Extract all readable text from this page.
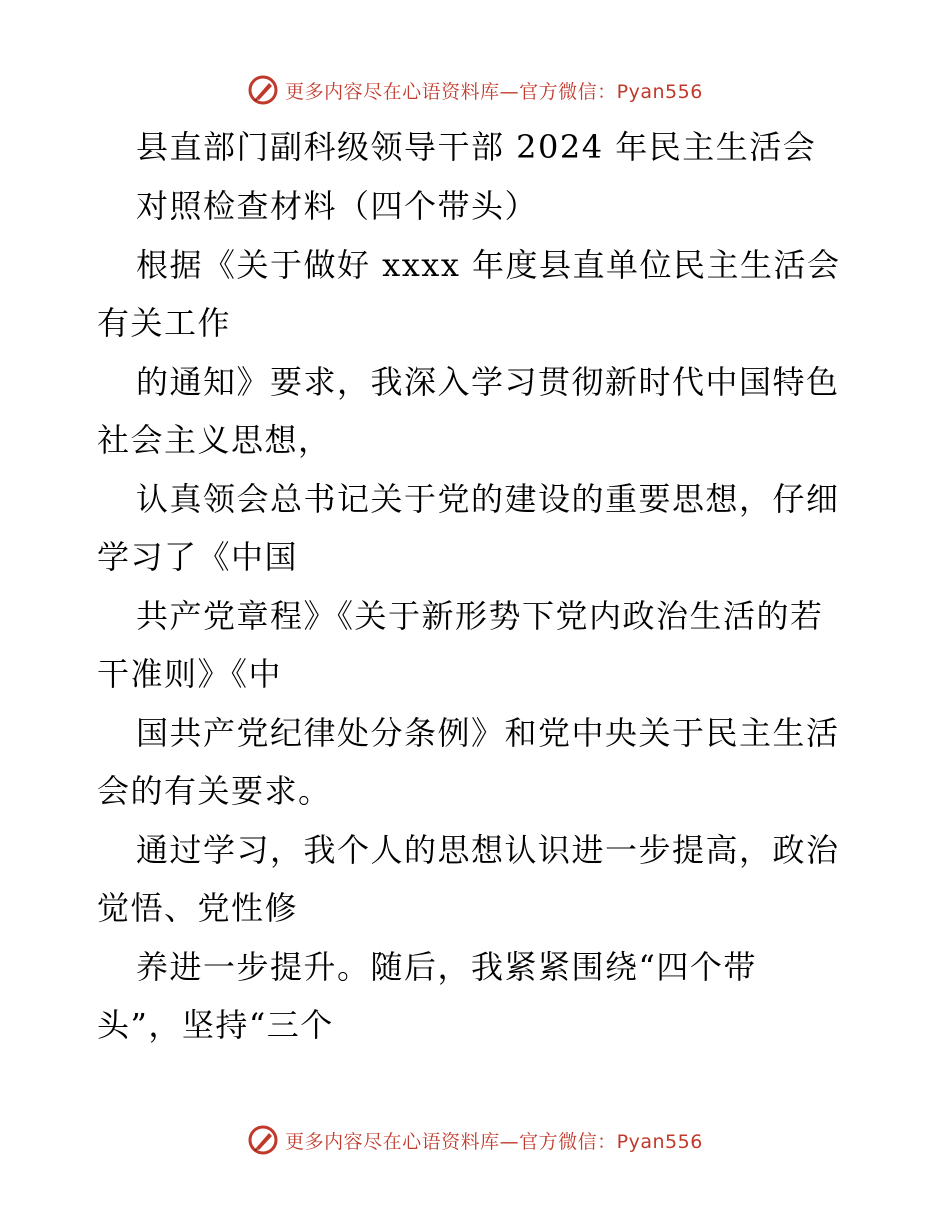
更多内容尽在心语资料库—官方微信：Pyan556
县直部门副科级领导干部 2024 年民主生活会
对照检查材料（四个带头）
根据《关于做好 xxxx 年度县直单位民主生活会
有关工作
的通知》要求，我深入学习贯彻新时代中国特色
社会主义思想，
认真领会总书记关于党的建设的重要思想，仔细
学习了《中国
共产党章程》《关于新形势下党内政治生活的若
干准则》《中
国共产党纪律处分条例》和党中央关于民主生活
会的有关要求。
通过学习，我个人的思想认识进一步提高，政治
觉悟、党性修
养进一步提升。随后，我紧紧围绕“四个带
头”，坚持“三个
更多内容尽在心语资料库—官方微信：Pyan556
